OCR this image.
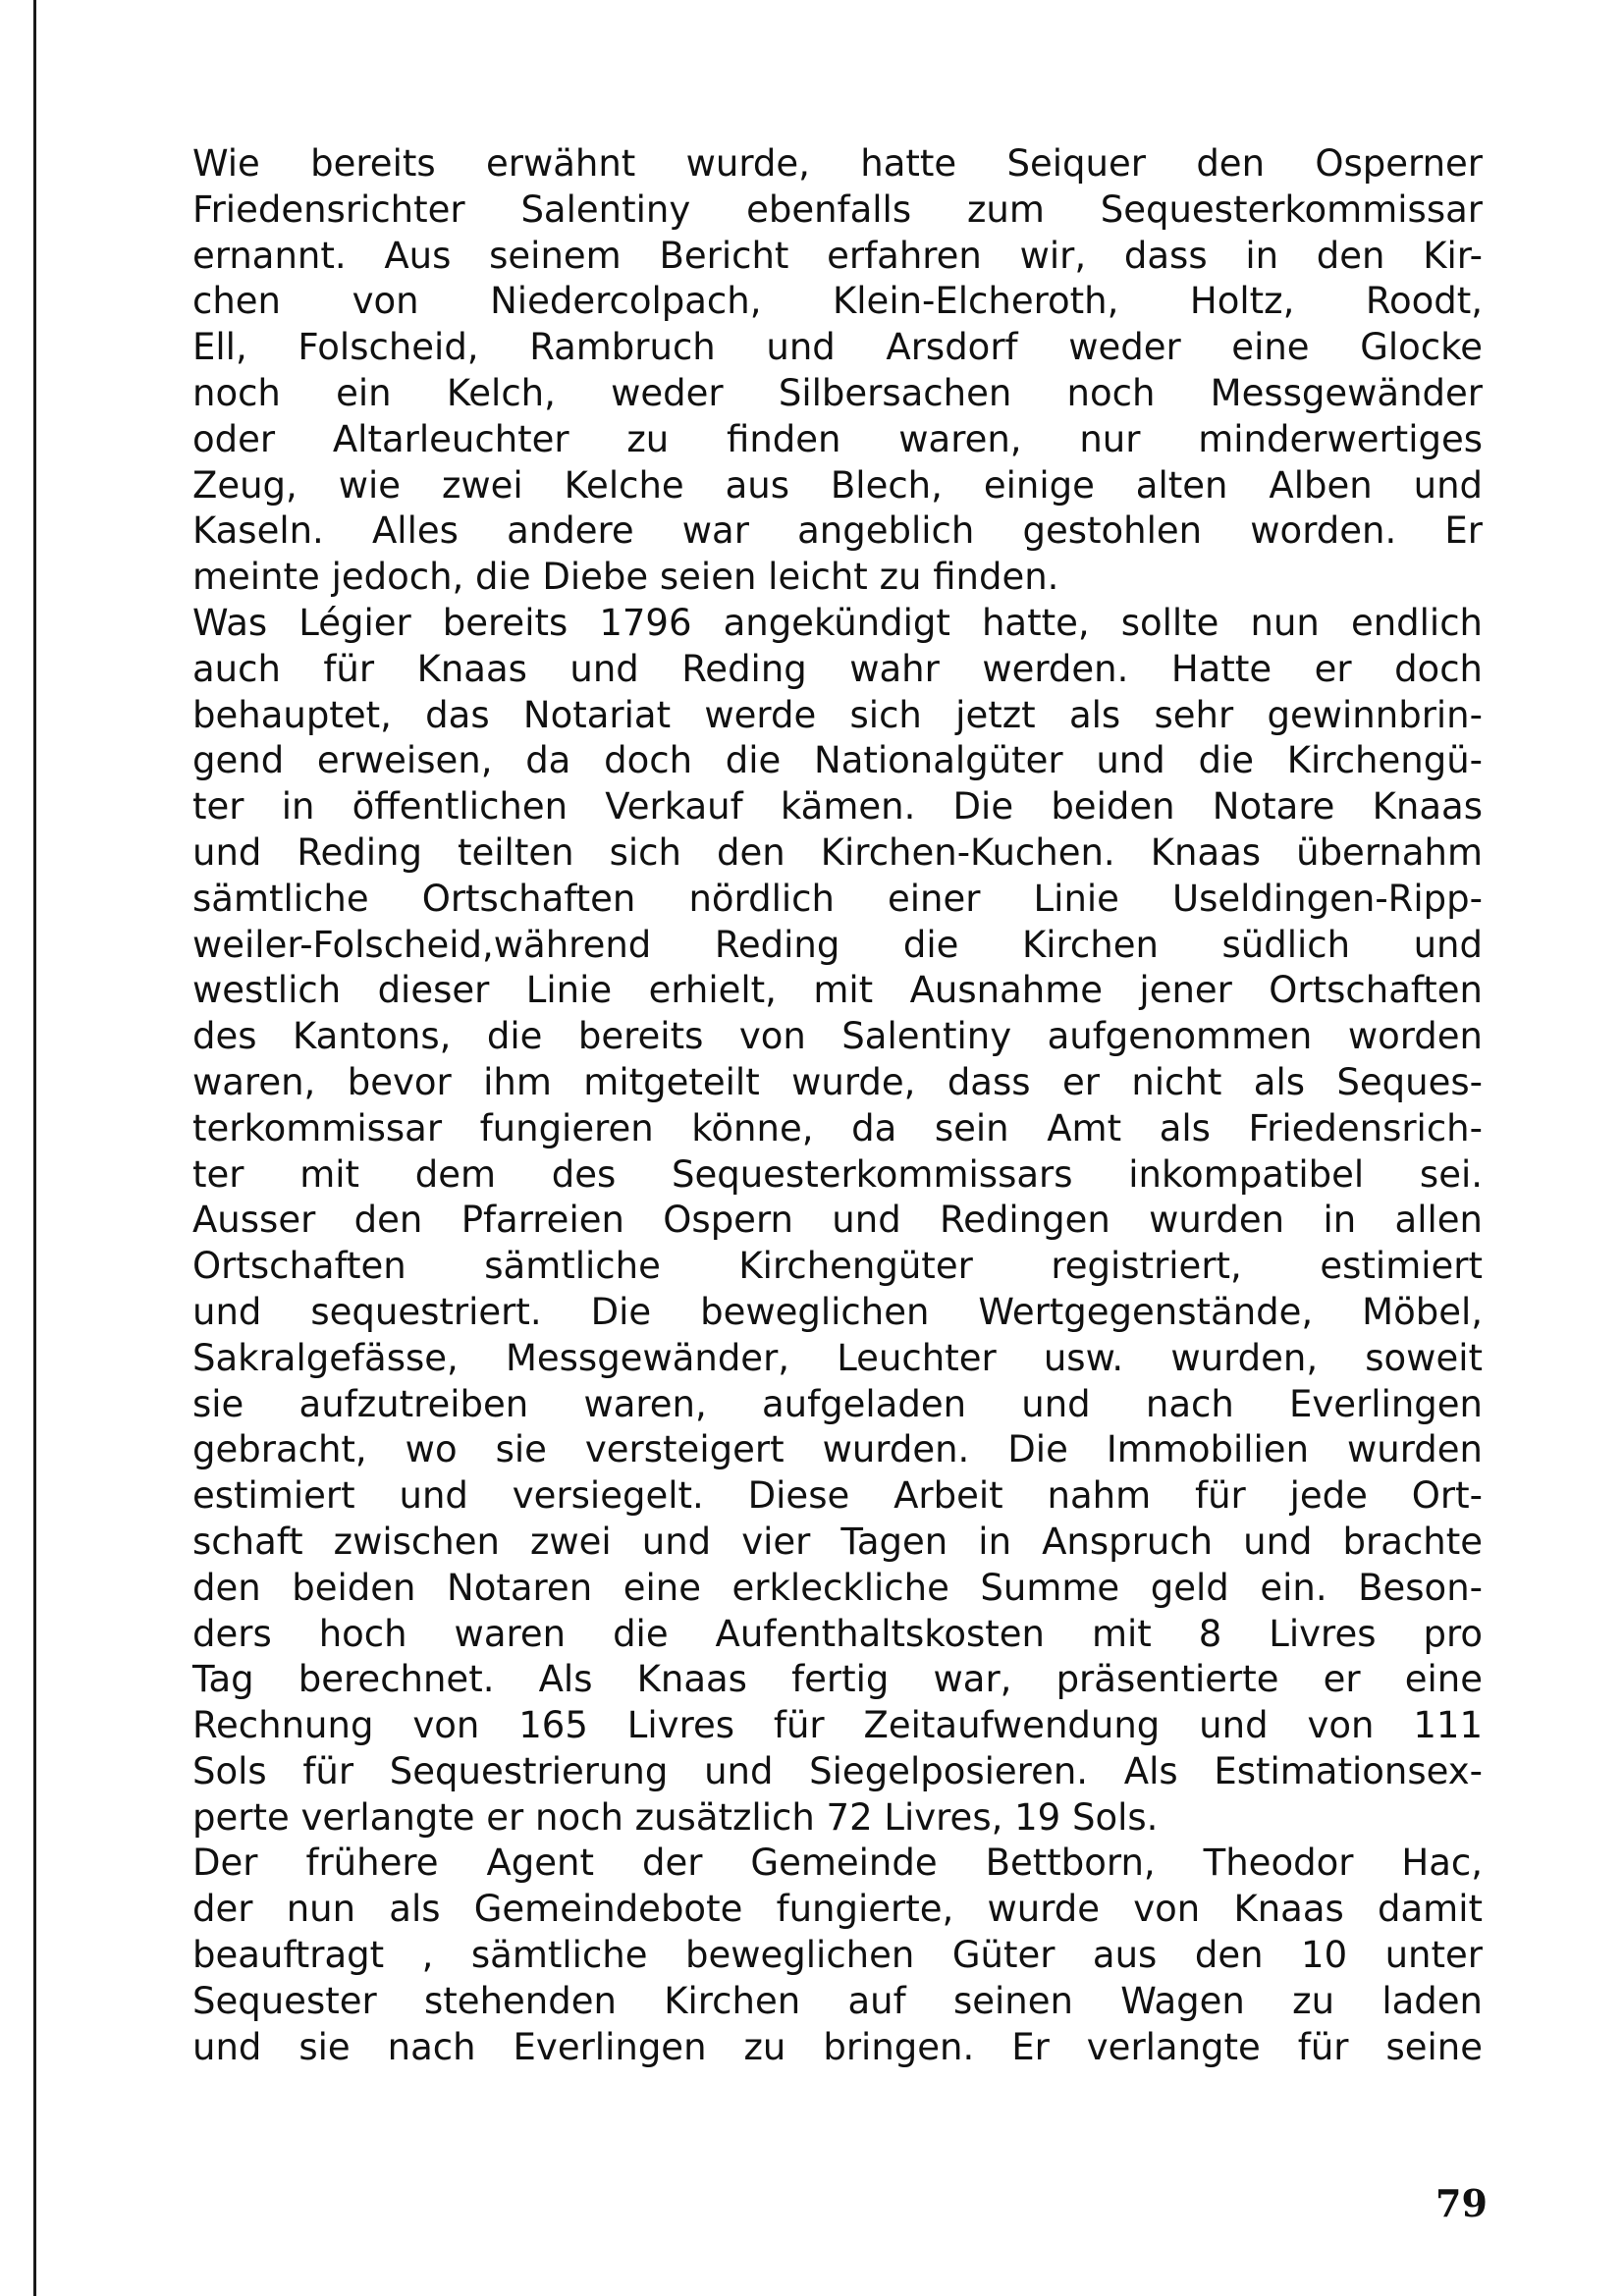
Wie bereits erwähnt wurde, hatte Seiquer den Osperner
Friedensrichter Salentiny ebenfalls zum Sequesterkommissar
ernannt. Aus seinem Bericht erfahren wir, dass in den Kir-
chen von Niedercolpach, Klein-Elcheroth, Holtz, Roodt,
Ell, Folscheid, Rambruch und Arsdorf weder eine Glocke
noch ein Kelch, weder Silbersachen noch Messgewänder
oder Altarleuchter zu finden waren, nur minderwertiges
Zeug, wie zwei Kelche aus Blech, einige alten Alben und
Kaseln. Alles andere war angeblich gestohlen worden. Er
meinte jedoch, die Diebe seien leicht zu finden.
Was Légier bereits 1796 angekündigt hatte, sollte nun endlich
auch für Knaas und Reding wahr werden. Hatte er doch
behauptet, das Notariat werde sich jetzt als sehr gewinnbrin-
gend erweisen, da doch die Nationalgüter und die Kirchengü-
ter in öffentlichen Verkauf kämen. Die beiden Notare Knaas
und Reding teilten sich den Kirchen-Kuchen. Knaas übernahm
sämtliche Ortschaften nördlich einer Linie Useldingen-Ripp-
weiler-Folscheid,während Reding die Kirchen südlich und
westlich dieser Linie erhielt, mit Ausnahme jener Ortschaften
des Kantons, die bereits von Salentiny aufgenommen worden
waren, bevor ihm mitgeteilt wurde, dass er nicht als Seques-
terkommissar fungieren könne, da sein Amt als Friedensrich-
ter mit dem des Sequesterkommissars inkompatibel sei.
Ausser den Pfarreien Ospern und Redingen wurden in allen
Ortschaften sämtliche Kirchengüter registriert, estimiert
und sequestriert. Die beweglichen Wertgegenstände, Möbel,
Sakralgefässe, Messgewänder, Leuchter usw. wurden, soweit
sie aufzutreiben waren, aufgeladen und nach Everlingen
gebracht, wo sie versteigert wurden. Die Immobilien wurden
estimiert und versiegelt. Diese Arbeit nahm für jede Ort-
schaft zwischen zwei und vier Tagen in Anspruch und brachte
den beiden Notaren eine erkleckliche Summe geld ein. Beson-
ders hoch waren die Aufenthaltskosten mit 8 Livres pro
Tag berechnet. Als Knaas fertig war, präsentierte er eine
Rechnung von 165 Livres für Zeitaufwendung und von 111
Sols für Sequestrierung und Siegelposieren. Als Estimationsex-
perte verlangte er noch zusätzlich 72 Livres, 19 Sols.
Der frühere Agent der Gemeinde Bettborn, Theodor Hac,
der nun als Gemeindebote fungierte, wurde von Knaas damit
beauftragt , sämtliche beweglichen Güter aus den 10 unter
Sequester stehenden Kirchen auf seinen Wagen zu laden
und sie nach Everlingen zu bringen. Er verlangte für seine
79
